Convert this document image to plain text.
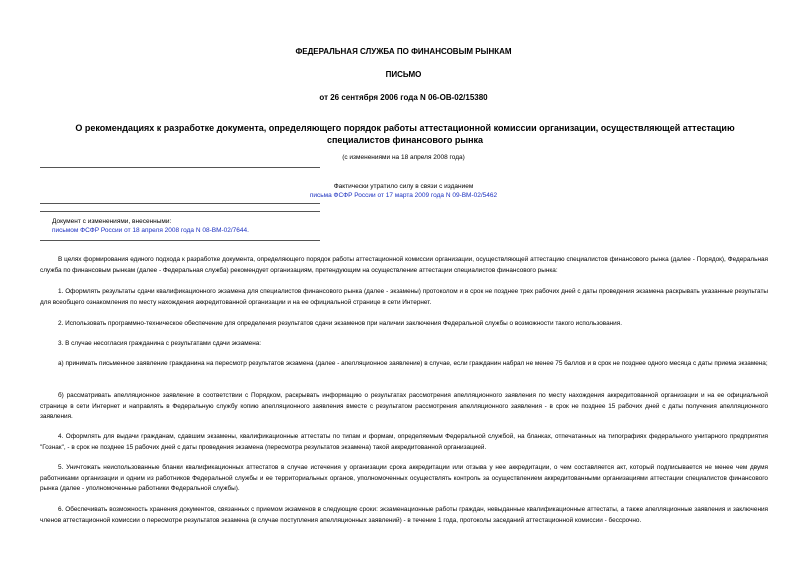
ФЕДЕРАЛЬНАЯ СЛУЖБА ПО ФИНАНСОВЫМ РЫНКАМ
ПИСЬМО
от 26 сентября 2006 года N 06-ОВ-02/15380
О рекомендациях к разработке документа, определяющего порядок работы аттестационной комиссии организации, осуществляющей аттестацию специалистов финансового рынка
(с изменениями на 18 апреля 2008 года)
Фактически утратило силу в связи с изданием
письма ФСФР России от 17 марта 2009 года N 09-ВМ-02/5462
Документ с изменениями, внесенными:
письмом ФСФР России от 18 апреля 2008 года N 08-ВМ-02/7644.
В целях формирования единого подхода к разработке документа, определяющего порядок работы аттестационной комиссии организации, осуществляющей аттестацию специалистов финансового рынка (далее - Порядок), Федеральная служба по финансовым рынкам (далее - Федеральная служба) рекомендует организациям, претендующим на осуществление аттестации специалистов финансового рынка:
1. Оформлять результаты сдачи квалификационного экзамена для специалистов финансового рынка (далее - экзамены) протоколом и в срок не позднее трех рабочих дней с даты проведения экзамена раскрывать указанные результаты для всеобщего ознакомления по месту нахождения аккредитованной организации и на ее официальной странице в сети Интернет.
2. Использовать программно-техническое обеспечение для определения результатов сдачи экзаменов при наличии заключения Федеральной службы о возможности такого использования.
3. В случае несогласия гражданина с результатами сдачи экзамена:
а) принимать письменное заявление гражданина на пересмотр результатов экзамена (далее - апелляционное заявление) в случае, если гражданин набрал не менее 75 баллов и в срок не позднее одного месяца с даты приема экзамена;
б) рассматривать апелляционное заявление в соответствии с Порядком, раскрывать информацию о результатах рассмотрения апелляционного заявления по месту нахождения аккредитованной организации и на ее официальной странице в сети Интернет и направлять в Федеральную службу копию апелляционного заявления вместе с результатом рассмотрения апелляционного заявления - в срок не позднее 15 рабочих дней с даты получения апелляционного заявления.
4. Оформлять для выдачи гражданам, сдавшим экзамены, квалификационные аттестаты по типам и формам, определяемым Федеральной службой, на бланках, отпечатанных на типографиях федерального унитарного предприятия "Гознак", - в срок не позднее 15 рабочих дней с даты проведения экзамена (пересмотра результатов экзамена) такой аккредитованной организацией.
5. Уничтожать неиспользованные бланки квалификационных аттестатов в случае истечения у организации срока аккредитации или отзыва у нее аккредитации, о чем составляется акт, который подписывается не менее чем двумя работниками организации и одним из работников Федеральной службы и ее территориальных органов, уполномоченных осуществлять контроль за осуществлением аккредитованными организациями аттестации специалистов финансового рынка (далее - уполномоченные работники Федеральной службы).
6. Обеспечивать возможность хранения документов, связанных с приемом экзаменов в следующие сроки: экзаменационные работы граждан, невыданные квалификационные аттестаты, а также апелляционные заявления и заключения членов аттестационной комиссии о пересмотре результатов экзамена (в случае поступления апелляционных заявлений) - в течение 1 года, протоколы заседаний аттестационной комиссии - бессрочно.
